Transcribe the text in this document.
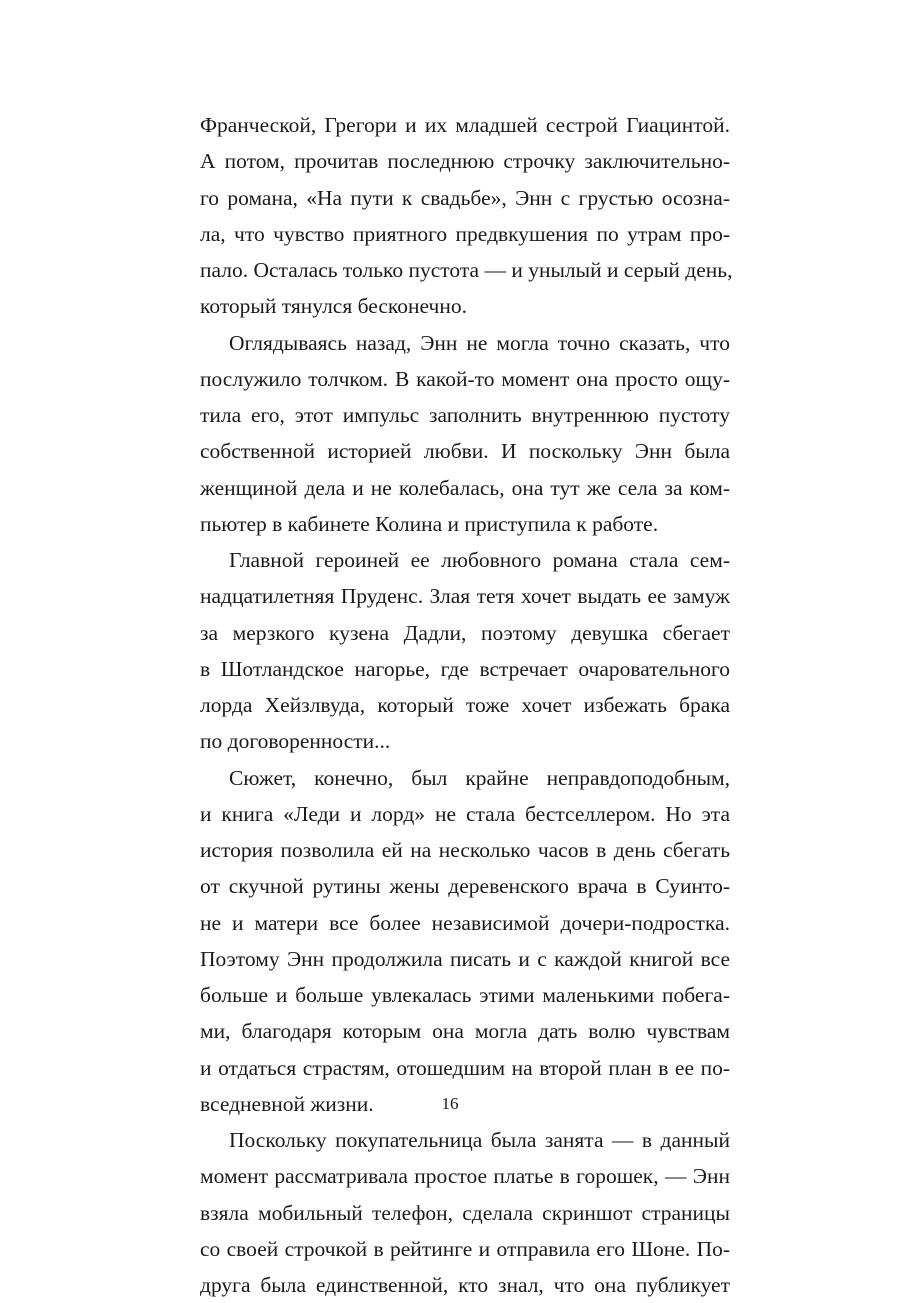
Франческой, Грегори и их младшей сестрой Гиацинтой.
А потом, прочитав последнюю строчку заключительно-
го романа, «На пути к свадьбе», Энн с грустью осозна-
ла, что чувство приятного предвкушения по утрам про-
пало. Осталась только пустота — и унылый и серый день,
который тянулся бесконечно.
Оглядываясь назад, Энн не могла точно сказать, что
послужило толчком. В какой-то момент она просто ощу-
тила его, этот импульс заполнить внутреннюю пустоту
собственной историей любви. И поскольку Энн была
женщиной дела и не колебалась, она тут же села за ком-
пьютер в кабинете Колина и приступила к работе.
Главной героиней ее любовного романа стала сем-
надцатилетняя Пруденс. Злая тетя хочет выдать ее замуж
за мерзкого кузена Дадли, поэтому девушка сбегает
в Шотландское нагорье, где встречает очаровательного
лорда Хейзлвуда, который тоже хочет избежать брака
по договоренности...
Сюжет, конечно, был крайне неправдоподобным,
и книга «Леди и лорд» не стала бестселлером. Но эта
история позволила ей на несколько часов в день сбегать
от скучной рутины жены деревенского врача в Суинто-
не и матери все более независимой дочери-подростка.
Поэтому Энн продолжила писать и с каждой книгой все
больше и больше увлекалась этими маленькими побега-
ми, благодаря которым она могла дать волю чувствам
и отдаться страстям, отошедшим на второй план в ее по-
вседневной жизни.
Поскольку покупательница была занята — в данный
момент рассматривала простое платье в горошек, — Энн
взяла мобильный телефон, сделала скриншот страницы
со своей строчкой в рейтинге и отправила его Шоне. По-
друга была единственной, кто знал, что она публикует
16
